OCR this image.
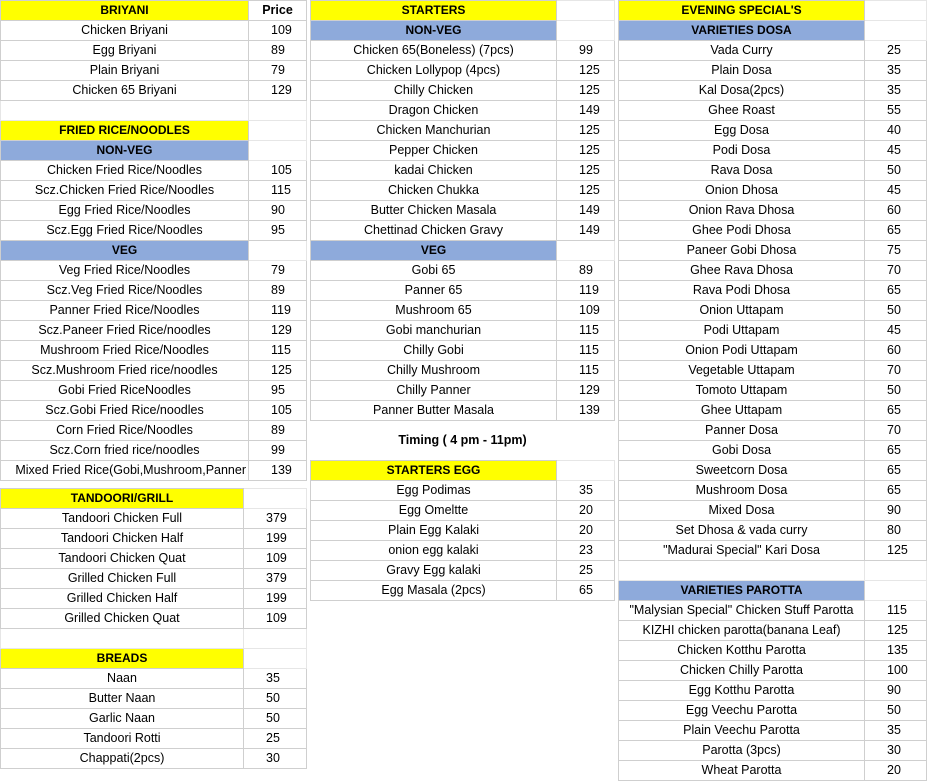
BRIYANI	Price
Chicken Briyani	109
Egg Briyani	89
Plain Briyani	79
Chicken 65 Briyani	129

FRIED RICE/NOODLES	
NON-VEG	
Chicken Fried Rice/Noodles	105
Scz.Chicken Fried Rice/Noodles	115
Egg Fried Rice/Noodles	90
Scz.Egg Fried Rice/Noodles	95
VEG	
Veg Fried Rice/Noodles	79
Scz.Veg Fried Rice/Noodles	89
Panner Fried Rice/Noodles	119
Scz.Paneer Fried Rice/noodles	129
Mushroom Fried Rice/Noodles	115
Scz.Mushroom Fried rice/noodles	125
Gobi Fried RiceNoodles	95
Scz.Gobi Fried Rice/noodles	105
Corn Fried Rice/Noodles	89
Scz.Corn fried rice/noodles	99
Mixed Fried Rice(Gobi,Mushroom,Panner	139
TANDOORI/GRILL	
Tandoori Chicken Full	379
Tandoori Chicken Half	199
Tandoori Chicken Quat	109
Grilled Chicken Full	379
Grilled Chicken Half	199
Grilled Chicken Quat	109

BREADS	
Naan	35
Butter Naan	50
Garlic Naan	50
Tandoori Rotti	25
Chappati(2pcs)	30
STARTERS	
NON-VEG	
Chicken 65(Boneless) (7pcs)	99
Chicken Lollypop (4pcs)	125
Chilly Chicken	125
Dragon Chicken	149
Chicken Manchurian	125
Pepper Chicken	125
kadai Chicken	125
Chicken Chukka	125
Butter Chicken Masala	149
Chettinad Chicken Gravy	149
VEG	
Gobi 65	89
Panner 65	119
Mushroom 65	109
Gobi manchurian	115
Chilly Gobi	115
Chilly Mushroom	115
Chilly Panner	129
Panner Butter Masala	139
Timing ( 4 pm - 11pm)	
STARTERS EGG	
Egg Podimas	35
Egg Omeltte	20
Plain Egg Kalaki	20
onion egg kalaki	23
Gravy Egg kalaki	25
Egg Masala (2pcs)	65
EVENING SPECIAL'S	
VARIETIES DOSA	
Vada Curry	25
Plain Dosa	35
Kal Dosa(2pcs)	35
Ghee Roast	55
Egg Dosa	40
Podi Dosa	45
Rava Dosa	50
Onion Dhosa	45
Onion Rava Dhosa	60
Ghee Podi Dhosa	65
Paneer Gobi Dhosa	75
Ghee Rava Dhosa	70
Rava Podi Dhosa	65
Onion Uttapam	50
Podi Uttapam	45
Onion Podi Uttapam	60
Vegetable Uttapam	70
Tomoto Uttapam	50
Ghee Uttapam	65
Panner Dosa	70
Gobi Dosa	65
Sweetcorn Dosa	65
Mushroom Dosa	65
Mixed Dosa	90
Set Dhosa & vada curry	80
"Madurai Special" Kari Dosa	125

VARIETIES PAROTTA	
"Malysian Special" Chicken Stuff Parotta	115
KIZHI chicken parotta(banana Leaf)	125
Chicken Kotthu Parotta	135
Chicken Chilly Parotta	100
Egg Kotthu Parotta	90
Egg Veechu Parotta	50
Plain Veechu Parotta	35
Parotta (3pcs)	30
Wheat Parotta	20
